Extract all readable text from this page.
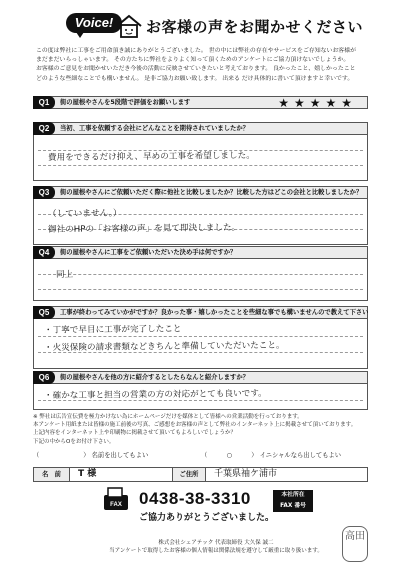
Voice!	お客様の声をお聞かせください

この度は弊社に工事をご用命頂き誠にありがとうございました。 世の中には弊社の存在やサービスをご存知ないお客様が

まだまだいらっしゃいます。 その方たちに弊社をよりよく知って頂くためのアンケートにご協力頂けないでしょうか。

お客様のご意見をお聞かせいただき今後の活動に反映させていきたいと考えております。 良かったこと、嬉しかったこと

どのような些細なことでも構いません。 是非ご協力お願い致します。 出来る だけ具体的に書いて頂けますと幸いです。

Q1	街の屋根やさんを5段階で評価をお願いします	★★★★★
Q2	当初、工事を依頼する会社にどんなことを期待されていましたか？
費用をできるだけ抑え、早めの工事を希望しました。
Q3	街の屋根やさんにご依頼いただく際に他社と比較しましたか？比較した方はどこの会社と比較しましたか？
（していません。）
御社のHPの「お客様の声」を見て即決しました。
Q4	街の屋根やさんに工事をご依頼いただいた決め手は何ですか？
同上
Q5	工事が終わってみていかがですか？良かった事・嬉しかったことを些細な事でも構いませんので教えて下さい
・丁寧で早目に工事が完了したこと
・火災保険の請求書類などきちんと準備していただいたこと。
Q6	街の屋根やさんを他の方に紹介するとしたらなんと紹介しますか？
・確かな工事と担当の営業の方の対応がとても良いです。

※ 弊社は広告宣伝費を極力かけない為にホームページだけを媒体として皆様への営業活動を行っております。

本アンケート用紙または皆様の施工前後の写真、ご感想をお客様の声として弊社のインターネット上に掲載させて頂いております。

上記内容をインターネット上や印刷物に掲載させて頂いてもよろしいでしょうか？

下記の中からOをお付け下さい。

（	） 名前を出してもよい	（	○	） イニシャルなら出してもよい
名　前	T 様	ご住所	千葉県袖ケ浦市
FAX 0438-38-3310	本社所在
FAX 番号
ご協力ありがとうございました。

株式会社シェアテック 代表取締役 大久保 誠二

当アンケートで取得したお客様の個人情報は関係法規を遵守して厳重に取り扱います。

高田
